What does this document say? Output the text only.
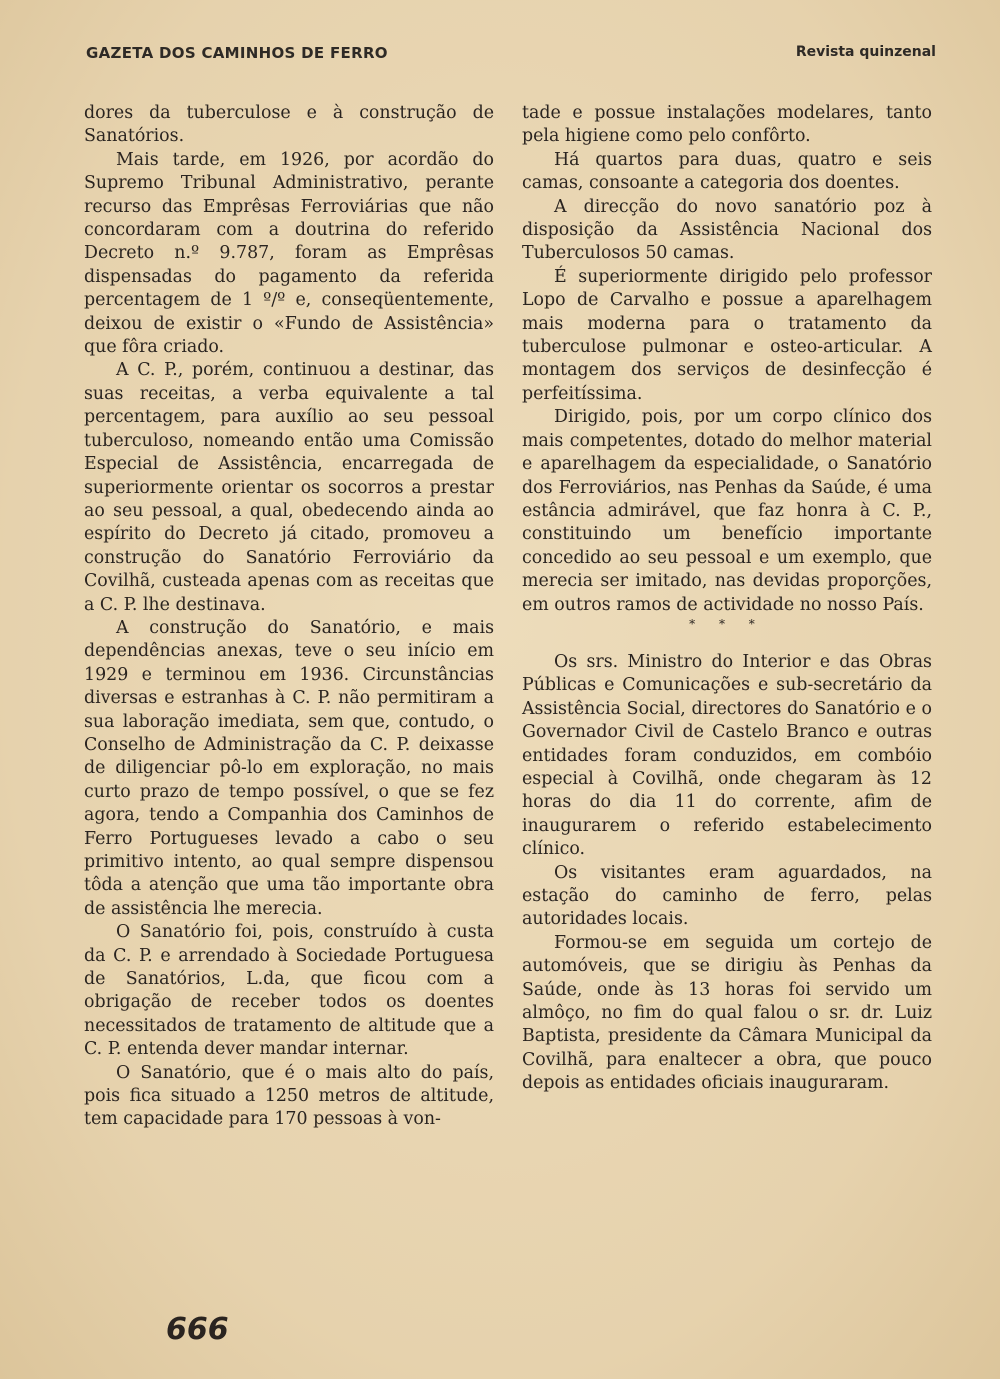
GAZETA DOS CAMINHOS DE FERRO	Revista quinzenal

dores da tuberculose e à construção de Sanatórios.

Mais tarde, em 1926, por acordão do Supremo Tribunal Administrativo, perante recurso das Emprêsas Ferroviárias que não concordaram com a doutrina do referido Decreto n.º 9.787, foram as Emprêsas dispensadas do pagamento da referida percentagem de 1 º/º e, conseqüentemente, deixou de existir o «Fundo de Assistência» que fôra criado.

A C. P., porém, continuou a destinar, das suas receitas, a verba equivalente a tal percentagem, para auxílio ao seu pessoal tuberculoso, nomeando então uma Comissão Especial de Assistência, encarregada de superiormente orientar os socorros a prestar ao seu pessoal, a qual, obedecendo ainda ao espírito do Decreto já citado, promoveu a construção do Sanatório Ferroviário da Covilhã, custeada apenas com as receitas que a C. P. lhe destinava.

A construção do Sanatório, e mais dependências anexas, teve o seu início em 1929 e terminou em 1936. Circunstâncias diversas e estranhas à C. P. não permitiram a sua laboração imediata, sem que, contudo, o Conselho de Administração da C. P. deixasse de diligenciar pô-lo em exploração, no mais curto prazo de tempo possível, o que se fez agora, tendo a Companhia dos Caminhos de Ferro Portugueses levado a cabo o seu primitivo intento, ao qual sempre dispensou tôda a atenção que uma tão importante obra de assistência lhe merecia.

O Sanatório foi, pois, construído à custa da C. P. e arrendado à Sociedade Portuguesa de Sanatórios, L.da, que ficou com a obrigação de receber todos os doentes necessitados de tratamento de altitude que a C. P. entenda dever mandar internar.

O Sanatório, que é o mais alto do país, pois fica situado a 1250 metros de altitude, tem capacidade para 170 pessoas à von-

tade e possue instalações modelares, tanto pela higiene como pelo confôrto.

Há quartos para duas, quatro e seis camas, consoante a categoria dos doentes.

A direcção do novo sanatório poz à disposição da Assistência Nacional dos Tuberculosos 50 camas.

É superiormente dirigido pelo professor Lopo de Carvalho e possue a aparelhagem mais moderna para o tratamento da tuberculose pulmonar e osteo-articular. A montagem dos serviços de desinfecção é perfeitíssima.

Dirigido, pois, por um corpo clínico dos mais competentes, dotado do melhor material e aparelhagem da especialidade, o Sanatório dos Ferroviários, nas Penhas da Saúde, é uma estância admirável, que faz honra à C. P., constituindo um benefício importante concedido ao seu pessoal e um exemplo, que merecia ser imitado, nas devidas proporções, em outros ramos de actividade no nosso País.

* * *

Os srs. Ministro do Interior e das Obras Públicas e Comunicações e sub-secretário da Assistência Social, directores do Sanatório e o Governador Civil de Castelo Branco e outras entidades foram conduzidos, em combóio especial à Covilhã, onde chegaram às 12 horas do dia 11 do corrente, afim de inaugurarem o referido estabelecimento clínico.

Os visitantes eram aguardados, na estação do caminho de ferro, pelas autoridades locais.

Formou-se em seguida um cortejo de automóveis, que se dirigiu às Penhas da Saúde, onde às 13 horas foi servido um almôço, no fim do qual falou o sr. dr. Luiz Baptista, presidente da Câmara Municipal da Covilhã, para enaltecer a obra, que pouco depois as entidades oficiais inauguraram.

666
